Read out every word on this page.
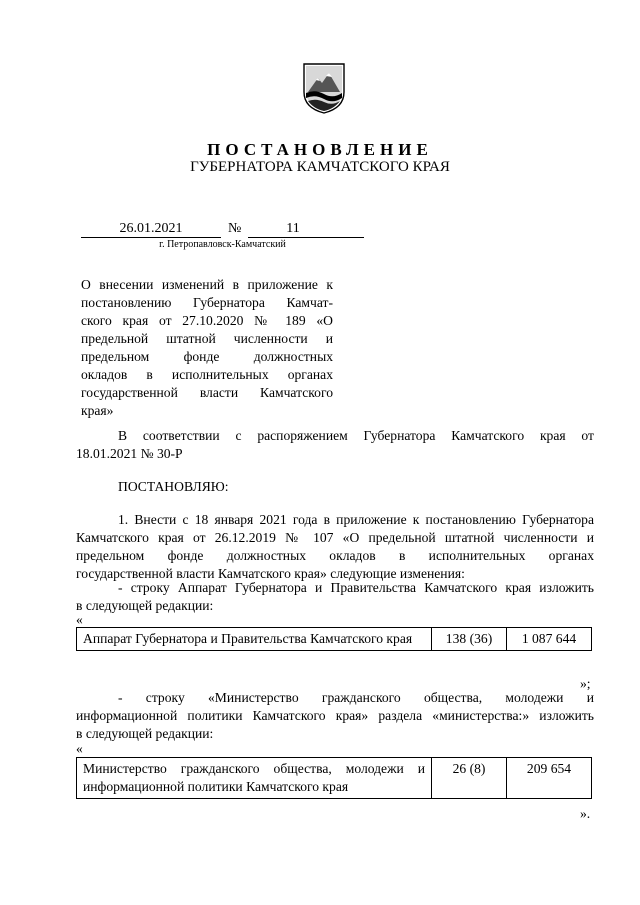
ПОСТАНОВЛЕНИЕ
ГУБЕРНАТОРА КАМЧАТСКОГО КРАЯ
26.01.2021	№	11
г. Петропавловск-Камчатский
О внесении изменений в приложение к
постановлению Губернатора Камчат-
ского края от 27.10.2020 № 189 «О
предельной штатной численности и
предельном фонде должностных
окладов в исполнительных органах
государственной власти Камчатского
края»
В соответствии с распоряжением Губернатора Камчатского края от
18.01.2021 № 30-Р
ПОСТАНОВЛЯЮ:
1. Внести с 18 января 2021 года в приложение к постановлению Губернатора
Камчатского края от 26.12.2019 № 107 «О предельной штатной численности и
предельном фонде должностных окладов в исполнительных органах
государственной власти Камчатского края» следующие изменения:
- строку Аппарат Губернатора и Правительства Камчатского края изложить
в следующей редакции:
«
Аппарат Губернатора и Правительства Камчатского края	138 (36)	1 087 644
»;
- строку «Министерство гражданского общества, молодежи и
информационной политики Камчатского края» раздела «министерства:» изложить
в следующей редакции:
«
Министерство гражданского общества, молодежи и информационной политики Камчатского края	26 (8)	209 654
».
